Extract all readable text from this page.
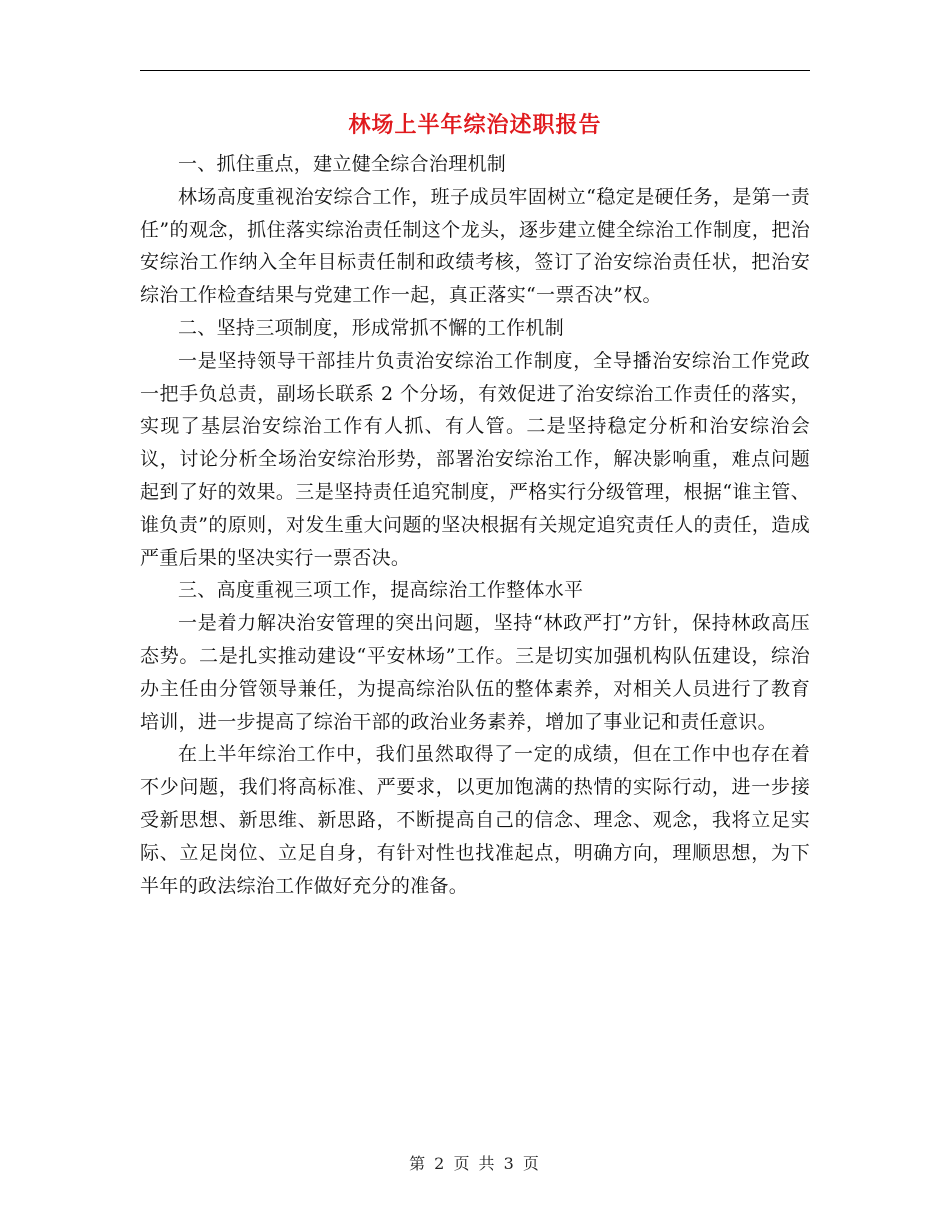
林场上半年综治述职报告

一、抓住重点，建立健全综合治理机制

林场高度重视治安综合工作，班子成员牢固树立“稳定是硬任务，是第一责任”的观念，抓住落实综治责任制这个龙头，逐步建立健全综治工作制度，把治安综治工作纳入全年目标责任制和政绩考核，签订了治安综治责任状，把治安综治工作检查结果与党建工作一起，真正落实“一票否决”权。

二、坚持三项制度，形成常抓不懈的工作机制

一是坚持领导干部挂片负责治安综治工作制度，全导播治安综治工作党政一把手负总责，副场长联系 2 个分场，有效促进了治安综治工作责任的落实，实现了基层治安综治工作有人抓、有人管。二是坚持稳定分析和治安综治会议，讨论分析全场治安综治形势，部署治安综治工作，解决影响重，难点问题起到了好的效果。三是坚持责任追究制度，严格实行分级管理，根据“谁主管、谁负责”的原则，对发生重大问题的坚决根据有关规定追究责任人的责任，造成严重后果的坚决实行一票否决。

三、高度重视三项工作，提高综治工作整体水平

一是着力解决治安管理的突出问题，坚持“林政严打”方针，保持林政高压态势。二是扎实推动建设“平安林场”工作。三是切实加强机构队伍建设，综治办主任由分管领导兼任，为提高综治队伍的整体素养，对相关人员进行了教育培训，进一步提高了综治干部的政治业务素养，增加了事业记和责任意识。

在上半年综治工作中，我们虽然取得了一定的成绩，但在工作中也存在着不少问题，我们将高标准、严要求，以更加饱满的热情的实际行动，进一步接受新思想、新思维、新思路，不断提高自己的信念、理念、观念，我将立足实际、立足岗位、立足自身，有针对性也找准起点，明确方向，理顺思想，为下半年的政法综治工作做好充分的准备。

第 2 页 共 3 页
